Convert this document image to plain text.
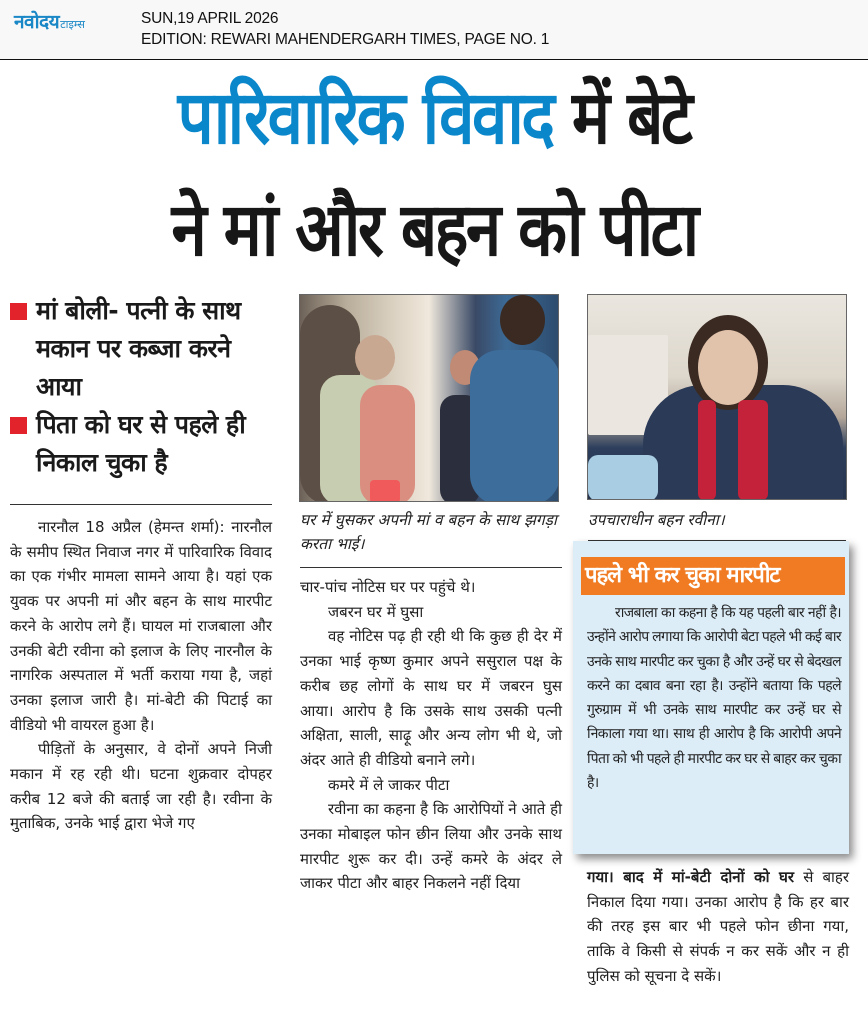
नवोदय टाइम्स	SUN,19 APRIL 2026
EDITION: REWARI MAHENDERGARH TIMES, PAGE NO. 1
पारिवारिक विवाद में बेटे
ने मां और बहन को पीटा
मां बोली- पत्नी के साथ मकान पर कब्जा करने आया
पिता को घर से पहले ही निकाल चुका है
घर में घुसकर अपनी मां व बहन के साथ झगड़ा करता भाई।
उपचाराधीन बहन रवीना।

नारनौल 18 अप्रैल (हेमन्त शर्मा): नारनौल के समीप स्थित निवाज नगर में पारिवारिक विवाद का एक गंभीर मामला सामने आया है। यहां एक युवक पर अपनी मां और बहन के साथ मारपीट करने के आरोप लगे हैं। घायल मां राजबाला और उनकी बेटी रवीना को इलाज के लिए नारनौल के नागरिक अस्पताल में भर्ती कराया गया है, जहां उनका इलाज जारी है। मां-बेटी की पिटाई का वीडियो भी वायरल हुआ है।

पीड़ितों के अनुसार, वे दोनों अपने निजी मकान में रह रही थी। घटना शुक्रवार दोपहर करीब 12 बजे की बताई जा रही है। रवीना के मुताबिक, उनके भाई द्वारा भेजे गए

चार-पांच नोटिस घर पर पहुंचे थे।

जबरन घर में घुसा

वह नोटिस पढ़ ही रही थी कि कुछ ही देर में उनका भाई कृष्ण कुमार अपने ससुराल पक्ष के करीब छह लोगों के साथ घर में जबरन घुस आया। आरोप है कि उसके साथ उसकी पत्नी अक्षिता, साली, साढ़ू और अन्य लोग भी थे, जो अंदर आते ही वीडियो बनाने लगे।

कमरे में ले जाकर पीटा

रवीना का कहना है कि आरोपियों ने आते ही उनका मोबाइल फोन छीन लिया और उनके साथ मारपीट शुरू कर दी। उन्हें कमरे के अंदर ले जाकर पीटा और बाहर निकलने नहीं दिया

पहले भी कर चुका मारपीट

राजबाला का कहना है कि यह पहली बार नहीं है। उन्होंने आरोप लगाया कि आरोपी बेटा पहले भी कई बार उनके साथ मारपीट कर चुका है और उन्हें घर से बेदखल करने का दबाव बना रहा है। उन्होंने बताया कि पहले गुरुग्राम में भी उनके साथ मारपीट कर उन्हें घर से निकाला गया था। साथ ही आरोप है कि आरोपी अपने पिता को भी पहले ही मारपीट कर घर से बाहर कर चुका है।

गया। बाद में मां-बेटी दोनों को घर से बाहर निकाल दिया गया। उनका आरोप है कि हर बार की तरह इस बार भी पहले फोन छीना गया, ताकि वे किसी से संपर्क न कर सकें और न ही पुलिस को सूचना दे सकें।
